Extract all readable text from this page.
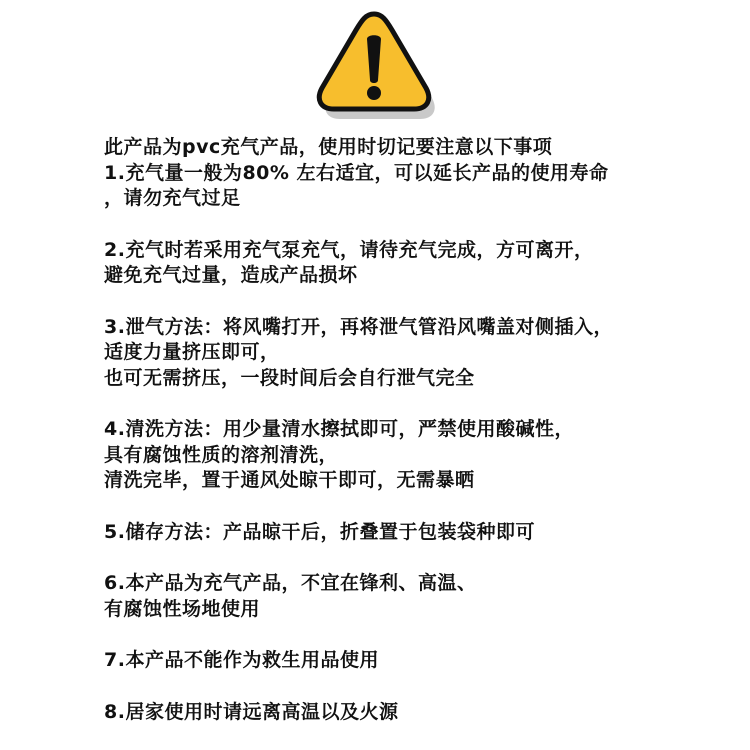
此产品为pvc充气产品，使用时切记要注意以下事项
1.充气量一般为80% 左右适宜，可以延长产品的使用寿命
，请勿充气过足
2.充气时若采用充气泵充气，请待充气完成，方可离开，
避免充气过量，造成产品损坏
3.泄气方法：将风嘴打开，再将泄气管沿风嘴盖对侧插入，
适度力量挤压即可，
也可无需挤压，一段时间后会自行泄气完全
4.清洗方法：用少量清水擦拭即可，严禁使用酸碱性，
具有腐蚀性质的溶剂清洗，
清洗完毕，置于通风处晾干即可，无需暴晒
5.储存方法：产品晾干后，折叠置于包装袋种即可
6.本产品为充气产品，不宜在锋利、高温、
有腐蚀性场地使用
7.本产品不能作为救生用品使用
8.居家使用时请远离高温以及火源
